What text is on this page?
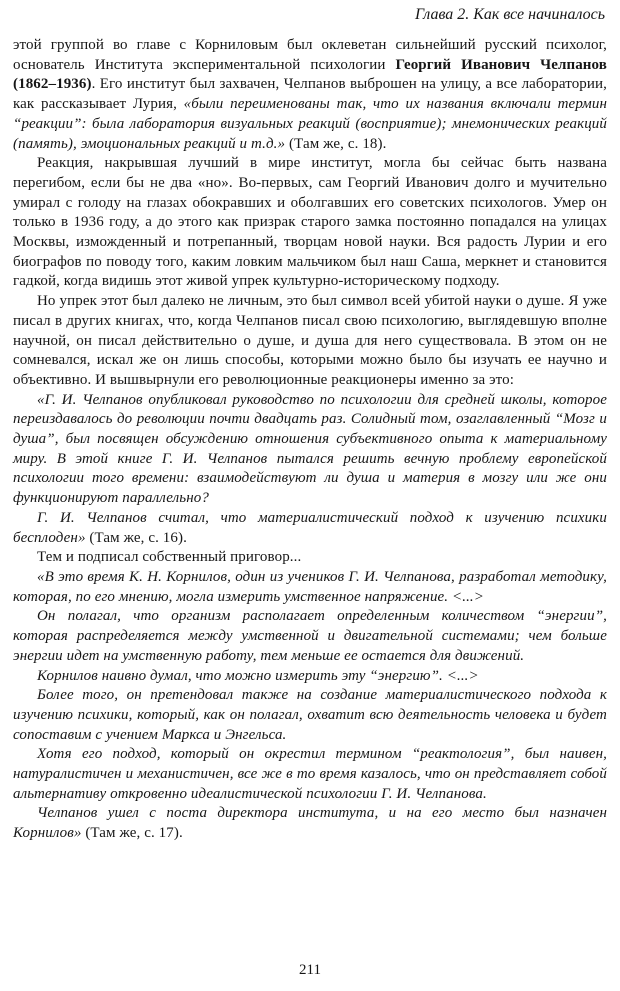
Глава 2. Как все начиналось

этой группой во главе с Корниловым был оклеветан сильнейший русский психолог, основатель Института экспериментальной психологии Георгий Иванович Челпанов (1862–1936). Его институт был захвачен, Челпанов выброшен на улицу, а все лаборатории, как рассказывает Лурия, «были переименованы так, что их названия включали термин “реакции”: была лаборатория визуальных реакций (восприятие); мнемонических реакций (память), эмоциональных реакций и т.д.» (Там же, с. 18).

Реакция, накрывшая лучший в мире институт, могла бы сейчас быть названа перегибом, если бы не два «но». Во-первых, сам Георгий Иванович долго и мучительно умирал с голоду на глазах обокравших и оболгавших его советских психологов. Умер он только в 1936 году, а до этого как призрак старого замка постоянно попадался на улицах Москвы, изможденный и потрепанный, творцам новой науки. Вся радость Лурии и его биографов по поводу того, каким ловким мальчиком был наш Саша, меркнет и становится гадкой, когда видишь этот живой упрек культурно-историческому подходу.

Но упрек этот был далеко не личным, это был символ всей убитой науки о душе. Я уже писал в других книгах, что, когда Челпанов писал свою психологию, выглядевшую вполне научной, он писал действительно о душе, и душа для него существовала. В этом он не сомневался, искал же он лишь способы, которыми можно было бы изучать ее научно и объективно. И вышвырнули его революционные реакционеры именно за это:

«Г. И. Челпанов опубликовал руководство по психологии для средней школы, которое переиздавалось до революции почти двадцать раз. Солидный том, озаглавленный “Мозг и душа”, был посвящен обсуждению отношения субъективного опыта к материальному миру. В этой книге Г. И. Челпанов пытался решить вечную проблему европейской психологии того времени: взаимодействуют ли душа и материя в мозгу или же они функционируют параллельно?

Г. И. Челпанов считал, что материалистический подход к изучению психики бесплоден» (Там же, с. 16).

Тем и подписал собственный приговор...

«В это время К. Н. Корнилов, один из учеников Г. И. Челпанова, разработал методику, которая, по его мнению, могла измерить умственное напряжение. <...>

Он полагал, что организм располагает определенным количеством “энергии”, которая распределяется между умственной и двигательной системами; чем больше энергии идет на умственную работу, тем меньше ее остается для движений.

Корнилов наивно думал, что можно измерить эту “энергию”. <...>

Более того, он претендовал также на создание материалистического подхода к изучению психики, который, как он полагал, охватит всю деятельность человека и будет сопоставим с учением Маркса и Энгельса.

Хотя его подход, который он окрестил термином “реактология”, был наивен, натуралистичен и механистичен, все же в то время казалось, что он представляет собой альтернативу откровенно идеалистической психологии Г. И. Челпанова.

Челпанов ушел с поста директора института, и на его место был назначен Корнилов» (Там же, с. 17).

211
